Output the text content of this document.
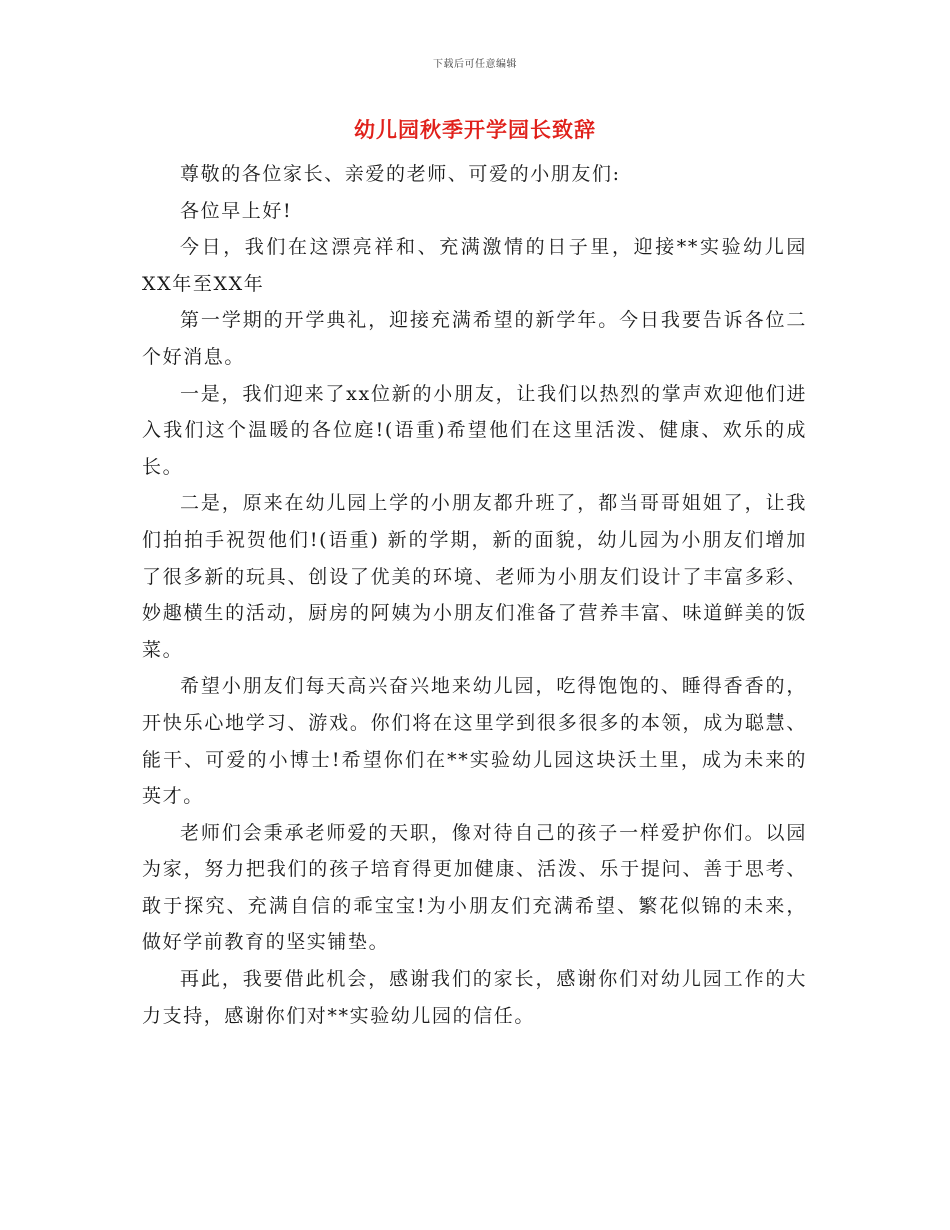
下载后可任意编辑
幼儿园秋季开学园长致辞

尊敬的各位家长、亲爱的老师、可爱的小朋友们:

各位早上好!

今日，我们在这漂亮祥和、充满激情的日子里，迎接**实验幼儿园XX年至XX年

第一学期的开学典礼，迎接充满希望的新学年。今日我要告诉各位二个好消息。

一是，我们迎来了xx位新的小朋友，让我们以热烈的掌声欢迎他们进入我们这个温暖的各位庭!(语重)希望他们在这里活泼、健康、欢乐的成长。

二是，原来在幼儿园上学的小朋友都升班了，都当哥哥姐姐了，让我们拍拍手祝贺他们!(语重) 新的学期，新的面貌，幼儿园为小朋友们增加了很多新的玩具、创设了优美的环境、老师为小朋友们设计了丰富多彩、妙趣横生的活动，厨房的阿姨为小朋友们准备了营养丰富、味道鲜美的饭菜。

希望小朋友们每天高兴奋兴地来幼儿园，吃得饱饱的、睡得香香的，开快乐心地学习、游戏。你们将在这里学到很多很多的本领，成为聪慧、能干、可爱的小博士!希望你们在**实验幼儿园这块沃土里，成为未来的英才。

老师们会秉承老师爱的天职，像对待自己的孩子一样爱护你们。以园为家，努力把我们的孩子培育得更加健康、活泼、乐于提问、善于思考、敢于探究、充满自信的乖宝宝!为小朋友们充满希望、繁花似锦的未来，做好学前教育的坚实铺垫。

再此，我要借此机会，感谢我们的家长，感谢你们对幼儿园工作的大力支持，感谢你们对**实验幼儿园的信任。
